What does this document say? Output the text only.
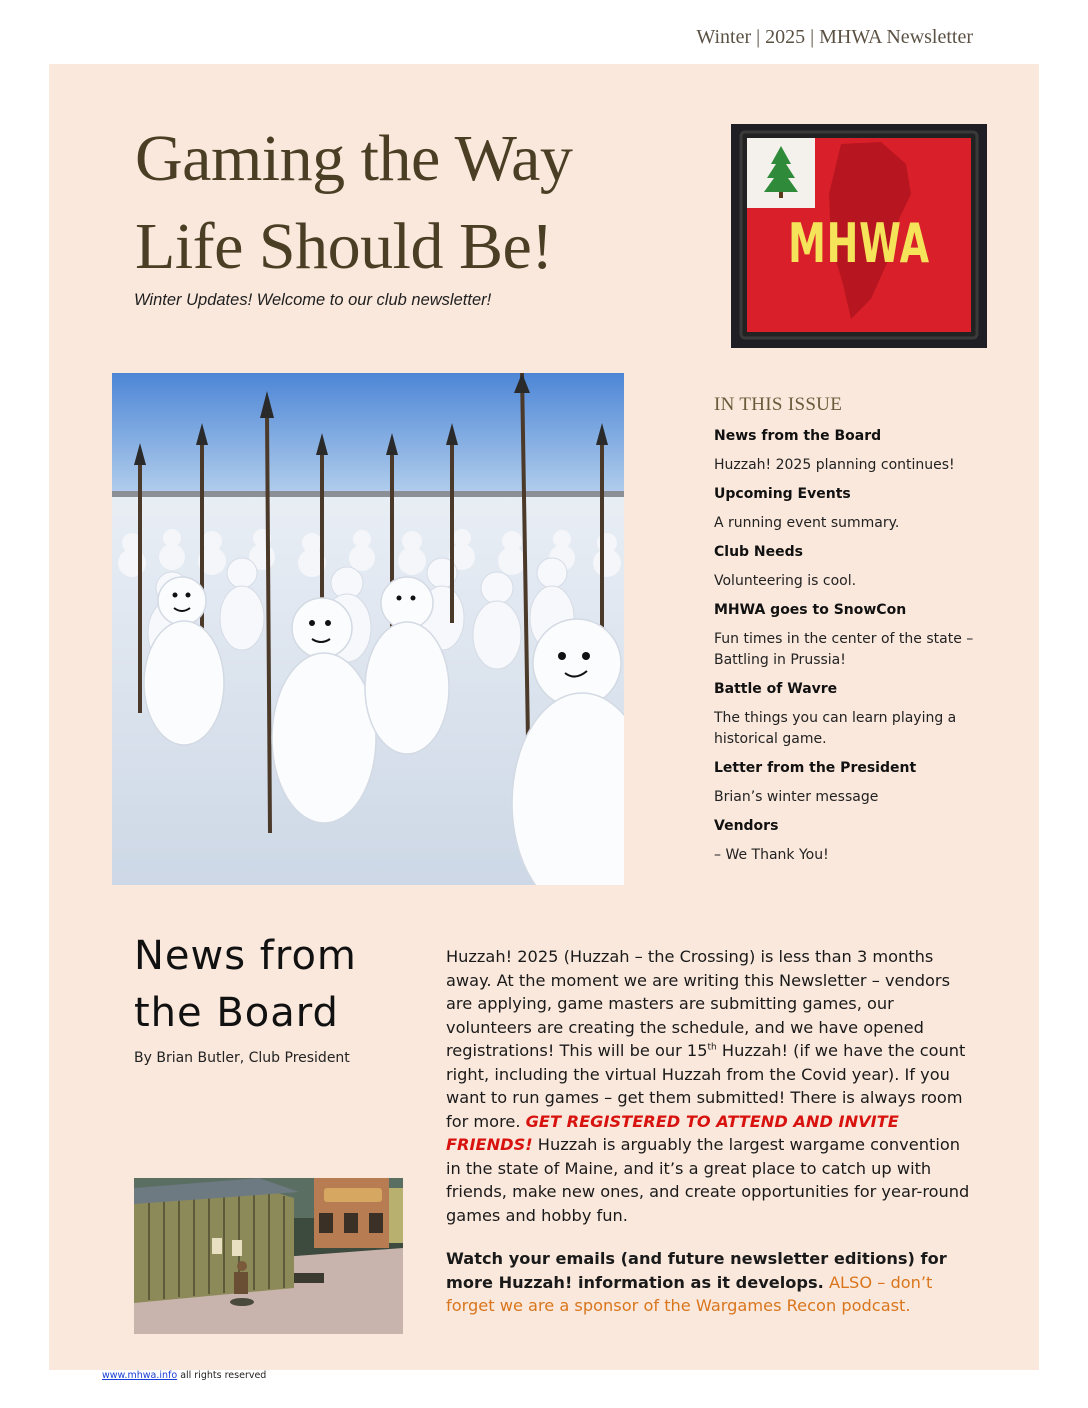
Winter | 2025 | MHWA Newsletter
Gaming the Way
Life Should Be!
Winter Updates! Welcome to our club newsletter!
MHWA
IN THIS ISSUE
News from the Board
Huzzah! 2025 planning continues!
Upcoming Events
A running event summary.
Club Needs
Volunteering is cool.
MHWA goes to SnowCon
Fun times in the center of the state – Battling in Prussia!
Battle of Wavre
The things you can learn playing a historical game.
Letter from the President
Brian’s winter message
Vendors
– We Thank You!
News from
the Board
By Brian Butler, Club President

Huzzah! 2025 (Huzzah – the Crossing) is less than 3 months away. At the moment we are writing this Newsletter – vendors are applying, game masters are submitting games, our volunteers are creating the schedule, and we have opened registrations! This will be our 15th Huzzah! (if we have the count right, including the virtual Huzzah from the Covid year). If you want to run games – get them submitted! There is always room for more. GET REGISTERED TO ATTEND AND INVITE FRIENDS! Huzzah is arguably the largest wargame convention in the state of Maine, and it’s a great place to catch up with friends, make new ones, and create opportunities for year-round games and hobby fun.

Watch your emails (and future newsletter editions) for more Huzzah! information as it develops. ALSO – don’t forget we are a sponsor of the Wargames Recon podcast.

www.mhwa.info all rights reserved
